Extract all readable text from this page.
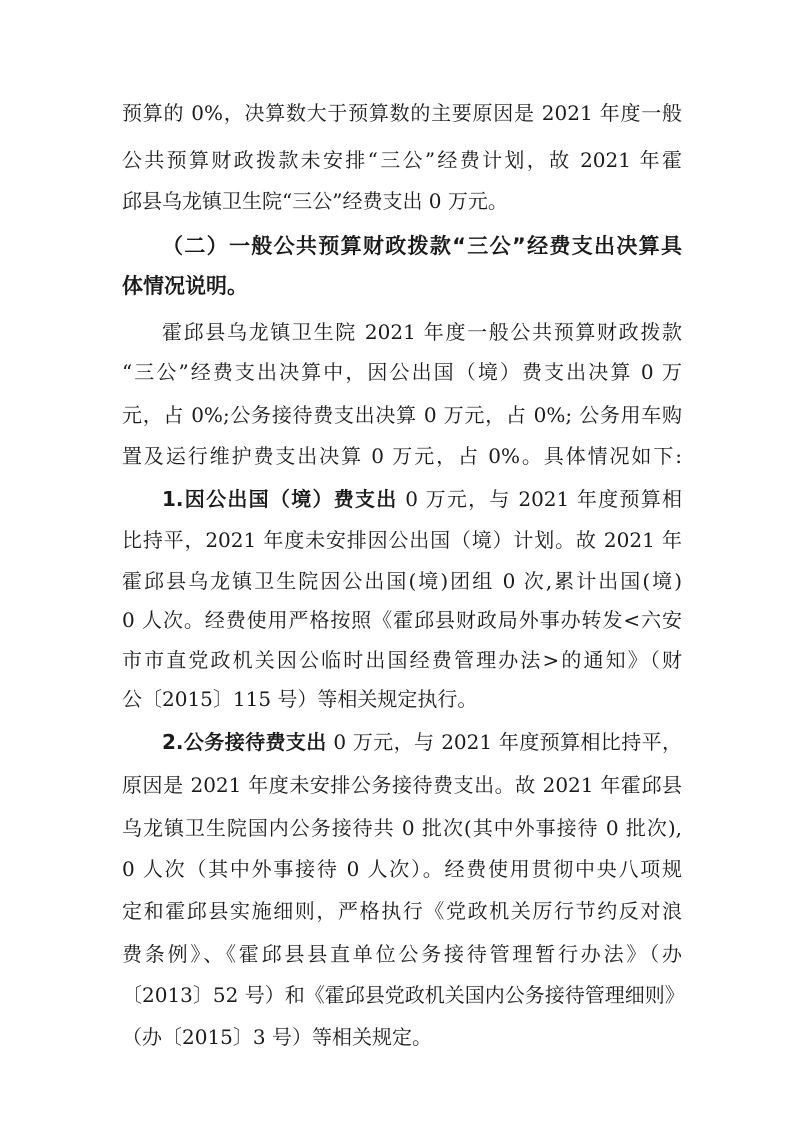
预算的 0%，决算数大于预算数的主要原因是 2021 年度一般
公共预算财政拨款未安排“三公”经费计划，故 2021 年霍
邱县乌龙镇卫生院“三公”经费支出 0 万元。
（二）一般公共预算财政拨款“三公”经费支出决算具
体情况说明。
霍邱县乌龙镇卫生院 2021 年度一般公共预算财政拨款
“三公”经费支出决算中，因公出国（境）费支出决算 0 万
元，占 0%;公务接待费支出决算 0 万元，占 0%; 公务用车购
置及运行维护费支出决算 0 万元，占 0%。具体情况如下:
1.因公出国（境）费支出 0 万元，与 2021 年度预算相
比持平，2021 年度未安排因公出国（境）计划。故 2021 年
霍邱县乌龙镇卫生院因公出国(境)团组 0 次,累计出国(境)
0 人次。经费使用严格按照《霍邱县财政局外事办转发<六安
市市直党政机关因公临时出国经费管理办法>的通知》（财
公〔2015〕115 号）等相关规定执行。
2.公务接待费支出 0 万元，与 2021 年度预算相比持平，
原因是 2021 年度未安排公务接待费支出。故 2021 年霍邱县
乌龙镇卫生院国内公务接待共 0 批次(其中外事接待 0 批次),
0 人次（其中外事接待 0 人次）。经费使用贯彻中央八项规
定和霍邱县实施细则，严格执行《党政机关厉行节约反对浪
费条例》、《霍邱县县直单位公务接待管理暂行办法》（办
〔2013〕52 号）和《霍邱县党政机关国内公务接待管理细则》
（办〔2015〕3 号）等相关规定。
